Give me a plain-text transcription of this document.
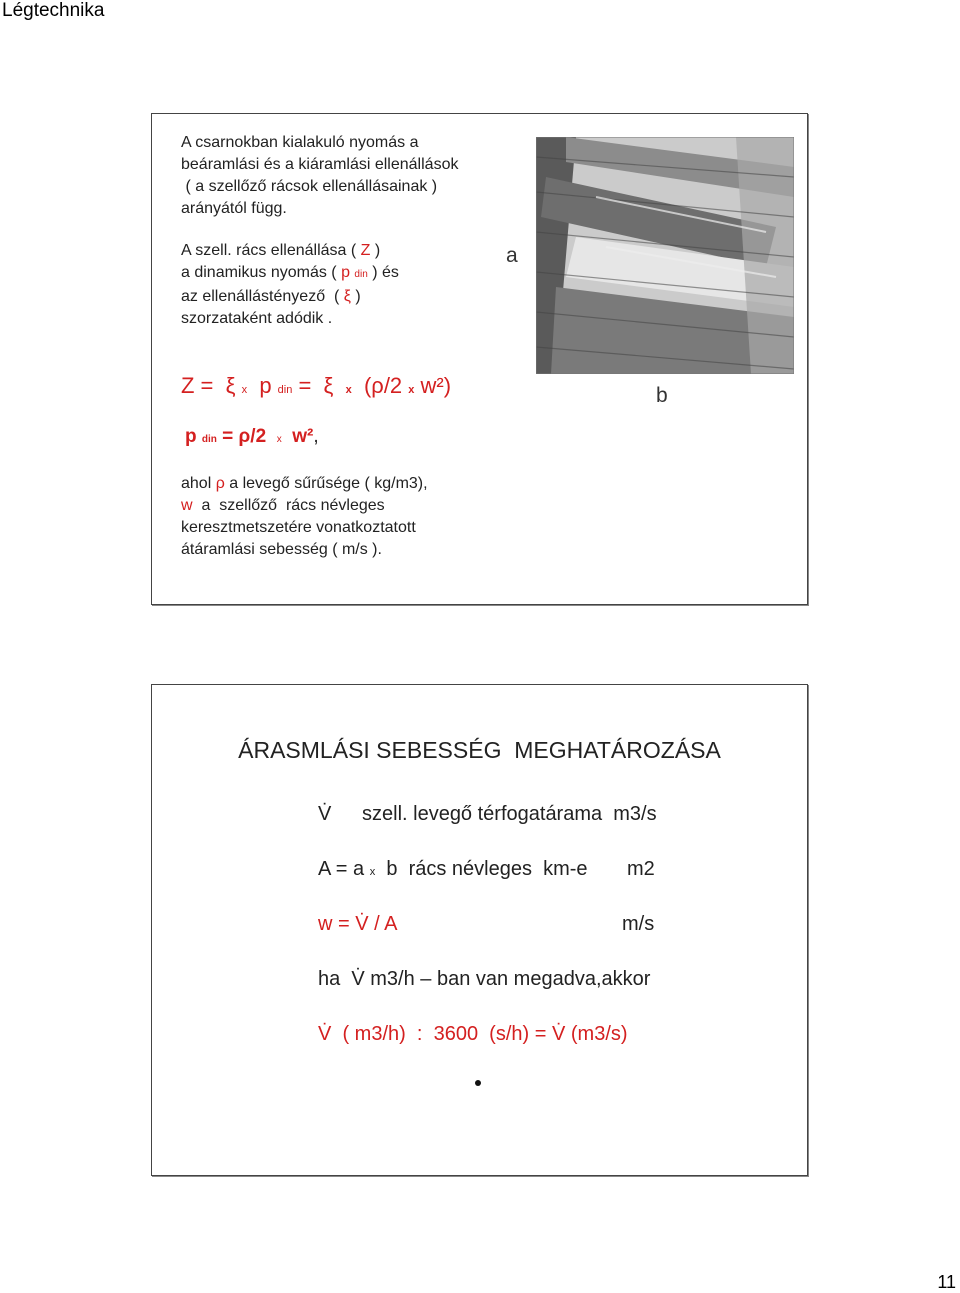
Légtechnika
A csarnokban kialakuló nyomás a
beáramlási és a kiáramlási ellenállások
( a szellőző rácsok ellenállásainak )
arányától függ.
A szell. rács ellenállása ( Z )
a dinamikus nyomás ( p din ) és
az ellenállástényező  ( ξ )
szorzataként adódik .
a
b
Z =  ξ x  p din =  ξ  x  (ρ/2 x w²)
p din = ρ/2  x  w²,
ahol ρ a levegő sűrűsége ( kg/m3),
w  a  szellőző  rács névleges
keresztmetszetére vonatkoztatott
átáramlási sebesség ( m/s ).
ÁRASMLÁSI SEBESSÉG  MEGHATÁROZÁSA
V̇ szell. levegő térfogatárama  m3/s
A = a x  b  rács névleges  km-e m2
w = V̇ / A	m/s
ha  V̇ m3/h – ban van megadva,akkor
V̇  ( m3/h)  :  3600  (s/h) = V̇ (m3/s)
11
